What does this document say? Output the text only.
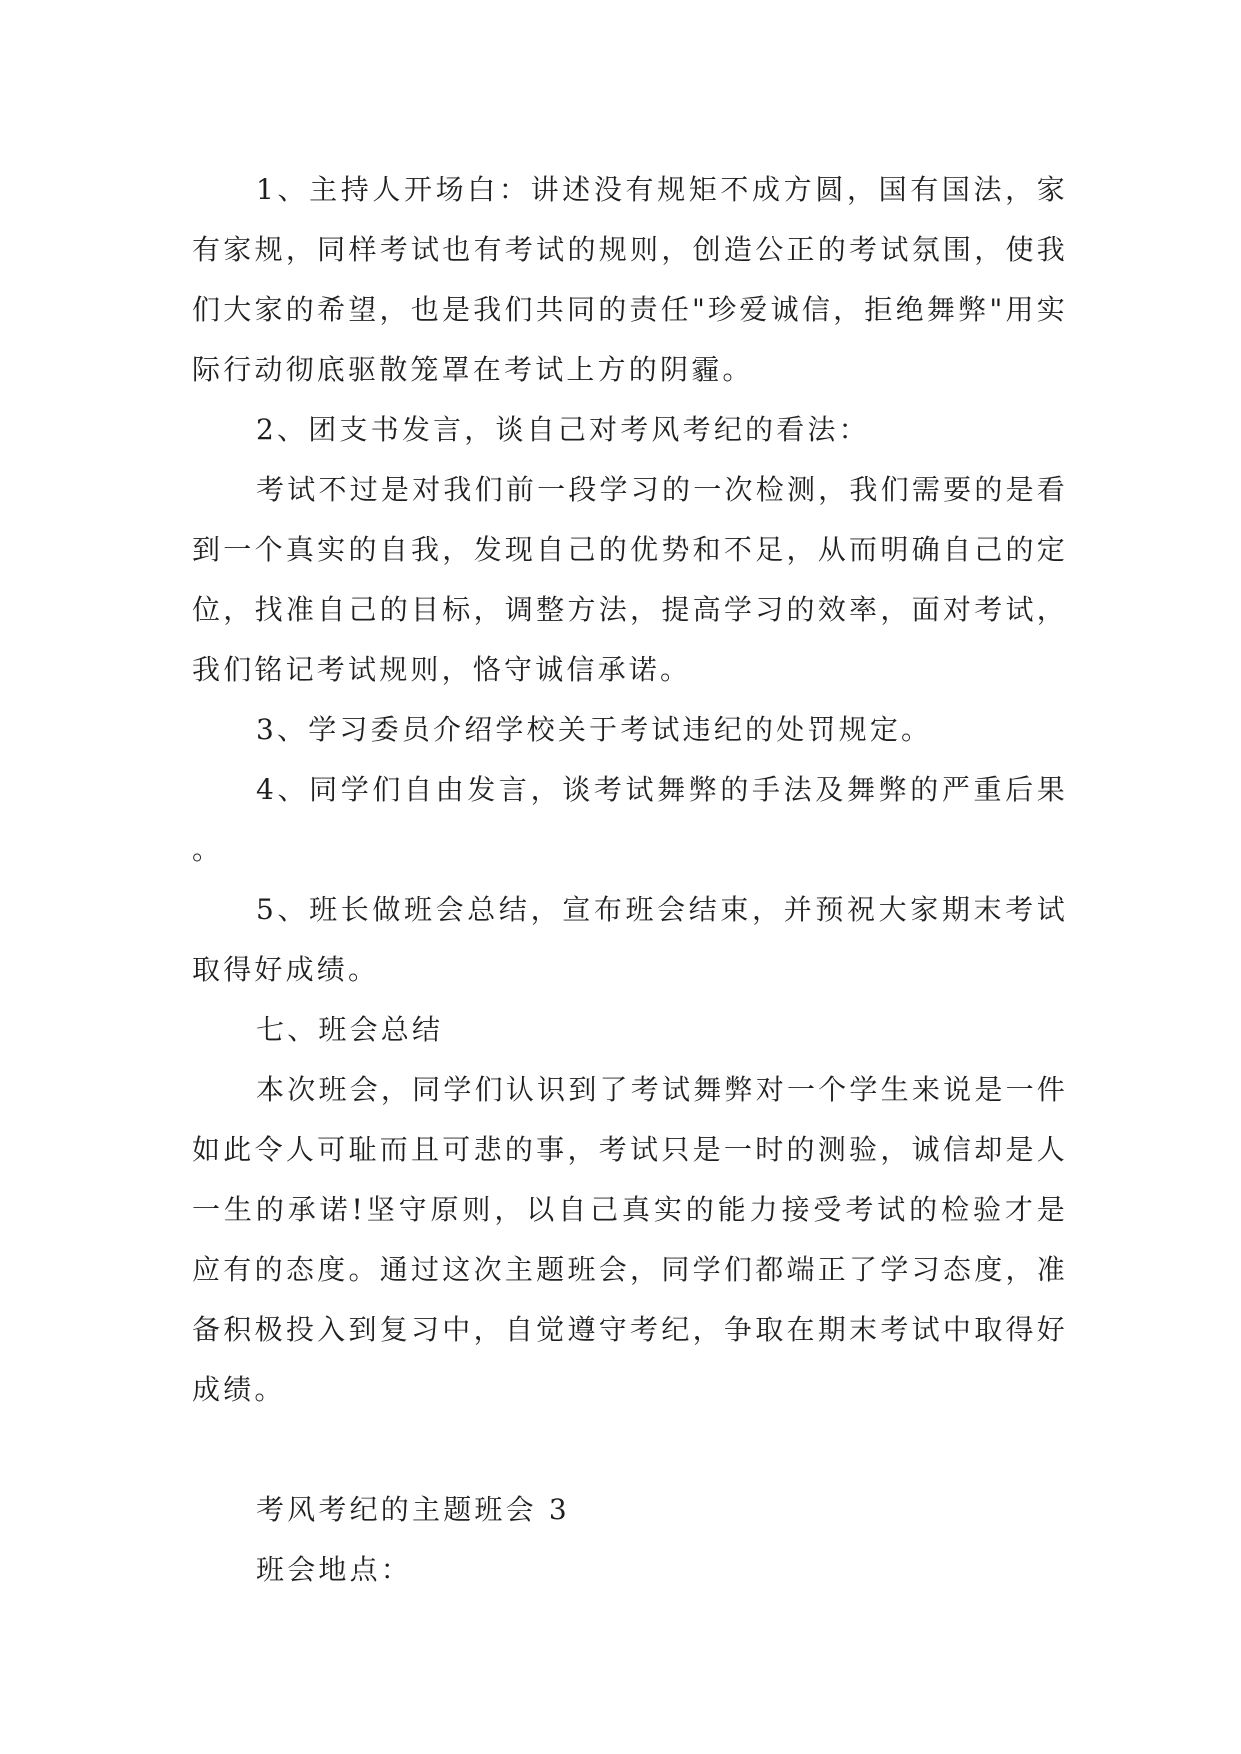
1、主持人开场白：讲述没有规矩不成方圆，国有国法，家有家规，同样考试也有考试的规则，创造公正的考试氛围，使我们大家的希望，也是我们共同的责任"珍爱诚信，拒绝舞弊"用实际行动彻底驱散笼罩在考试上方的阴霾。

2、团支书发言，谈自己对考风考纪的看法：

考试不过是对我们前一段学习的一次检测，我们需要的是看到一个真实的自我，发现自己的优势和不足，从而明确自己的定位，找准自己的目标，调整方法，提高学习的效率，面对考试，我们铭记考试规则，恪守诚信承诺。

3、学习委员介绍学校关于考试违纪的处罚规定。

4、同学们自由发言，谈考试舞弊的手法及舞弊的严重后果。

5、班长做班会总结，宣布班会结束，并预祝大家期末考试取得好成绩。

七、班会总结

本次班会，同学们认识到了考试舞弊对一个学生来说是一件如此令人可耻而且可悲的事，考试只是一时的测验，诚信却是人一生的承诺!坚守原则，以自己真实的能力接受考试的检验才是应有的态度。通过这次主题班会，同学们都端正了学习态度，准备积极投入到复习中，自觉遵守考纪，争取在期末考试中取得好成绩。

考风考纪的主题班会 3

班会地点：
